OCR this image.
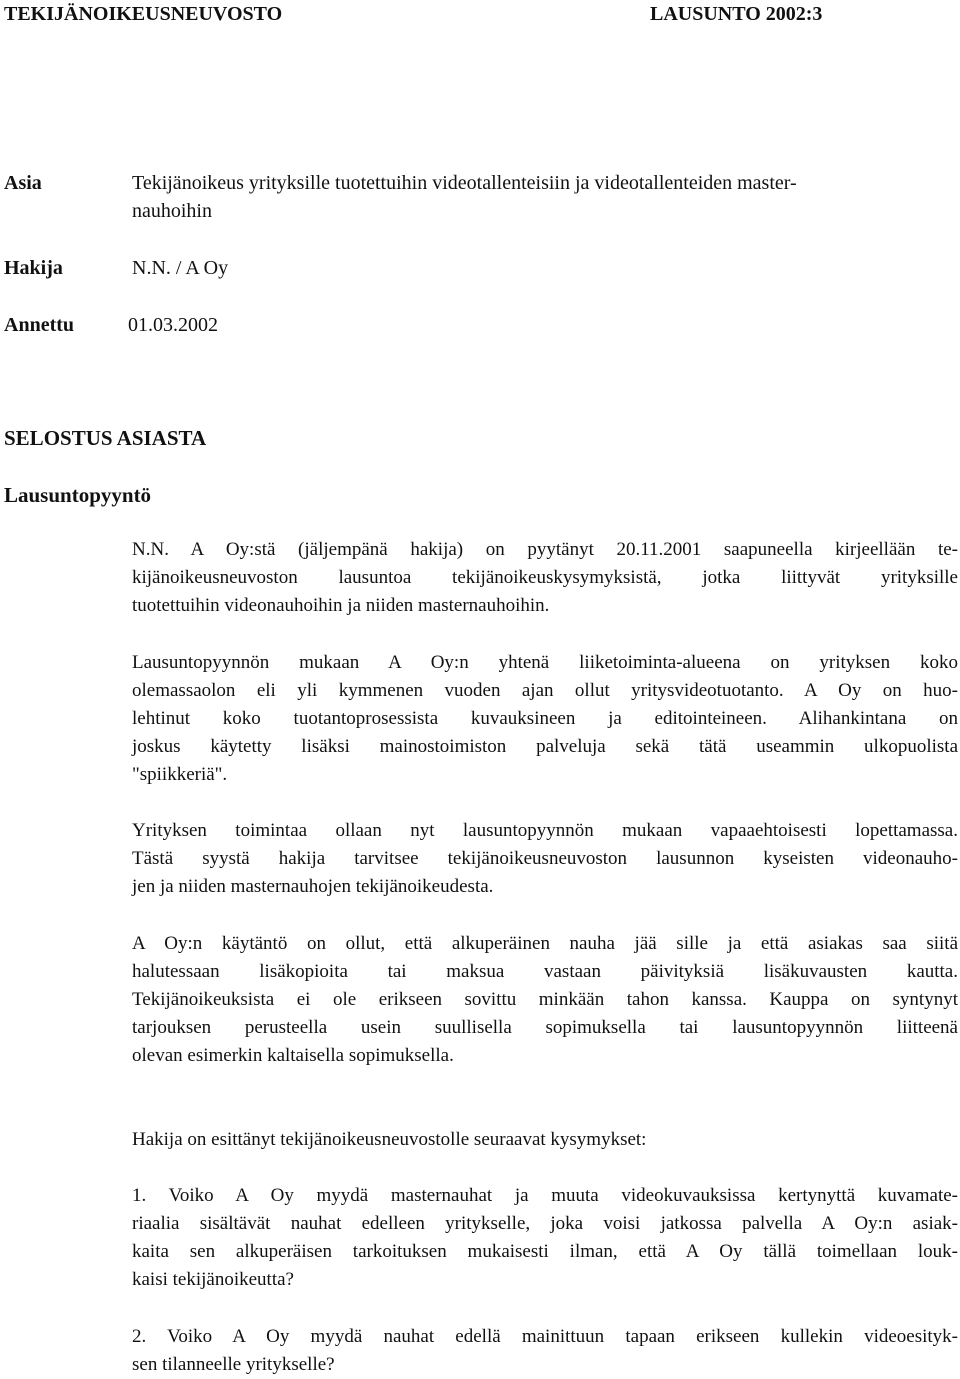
TEKIJÄNOIKEUSNEUVOSTO	LAUSUNTO 2002:3
Asia	Tekijänoikeus yrityksille tuotettuihin videotallenteisiin ja videotallenteiden master-
nauhoihin
Hakija	N.N. / A Oy
Annettu	01.03.2002
SELOSTUS ASIASTA
Lausuntopyyntö
N.N. A Oy:stä (jäljempänä hakija) on pyytänyt 20.11.2001 saapuneella kirjeellään te-
kijänoikeusneuvoston lausuntoa tekijänoikeuskysymyksistä, jotka liittyvät yrityksille
tuotettuihin videonauhoihin ja niiden masternauhoihin.
Lausuntopyynnön mukaan A Oy:n yhtenä liiketoiminta-alueena on yrityksen koko
olemassaolon eli yli kymmenen vuoden ajan ollut yritysvideotuotanto. A Oy on huo-
lehtinut koko tuotantoprosessista kuvauksineen ja editointeineen. Alihankintana on
joskus käytetty lisäksi mainostoimiston palveluja sekä tätä useammin ulkopuolista
"spiikkeriä".
Yrityksen toimintaa ollaan nyt lausuntopyynnön mukaan vapaaehtoisesti lopettamassa.
Tästä syystä hakija tarvitsee tekijänoikeusneuvoston lausunnon kyseisten videonauho-
jen ja niiden masternauhojen tekijänoikeudesta.
A Oy:n käytäntö on ollut, että alkuperäinen nauha jää sille ja että asiakas saa siitä
halutessaan lisäkopioita tai maksua vastaan päivityksiä lisäkuvausten kautta.
Tekijänoikeuksista ei ole erikseen sovittu minkään tahon kanssa. Kauppa on syntynyt
tarjouksen perusteella usein suullisella sopimuksella tai lausuntopyynnön liitteenä
olevan esimerkin kaltaisella sopimuksella.
Hakija on esittänyt tekijänoikeusneuvostolle seuraavat kysymykset:
1. Voiko A Oy myydä masternauhat ja muuta videokuvauksissa kertynyttä kuvamate-
riaalia sisältävät nauhat edelleen yritykselle, joka voisi jatkossa palvella A Oy:n asiak-
kaita sen alkuperäisen tarkoituksen mukaisesti ilman, että A Oy tällä toimellaan louk-
kaisi tekijänoikeutta?
2. Voiko A Oy myydä nauhat edellä mainittuun tapaan erikseen kullekin videoesityk-
sen tilanneelle yritykselle?
